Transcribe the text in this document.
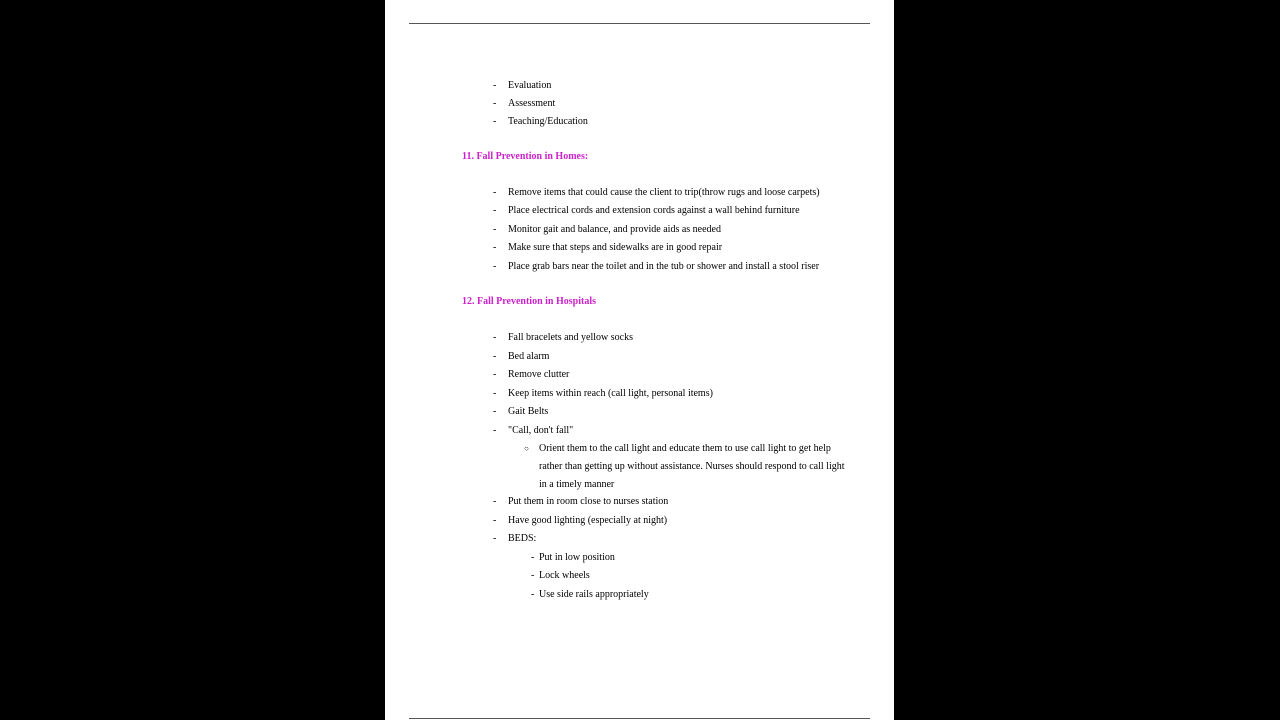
- Evaluation
- Assessment
- Teaching/Education
11. Fall Prevention in Homes:
- Remove items that could cause the client to trip(throw rugs and loose carpets)
- Place electrical cords and extension cords against a wall behind furniture
- Monitor gait and balance, and provide aids as needed
- Make sure that steps and sidewalks are in good repair
- Place grab bars near the toilet and in the tub or shower and install a stool riser
12. Fall Prevention in Hospitals
- Fall bracelets and yellow socks
- Bed alarm
- Remove clutter
- Keep items within reach (call light, personal items)
- Gait Belts
- "Call, don't fall"
○ Orient them to the call light and educate them to use call light to get help rather than getting up without assistance. Nurses should respond to call light in a timely manner
- Put them in room close to nurses station
- Have good lighting (especially at night)
- BEDS:
- Put in low position
- Lock wheels
- Use side rails appropriately
